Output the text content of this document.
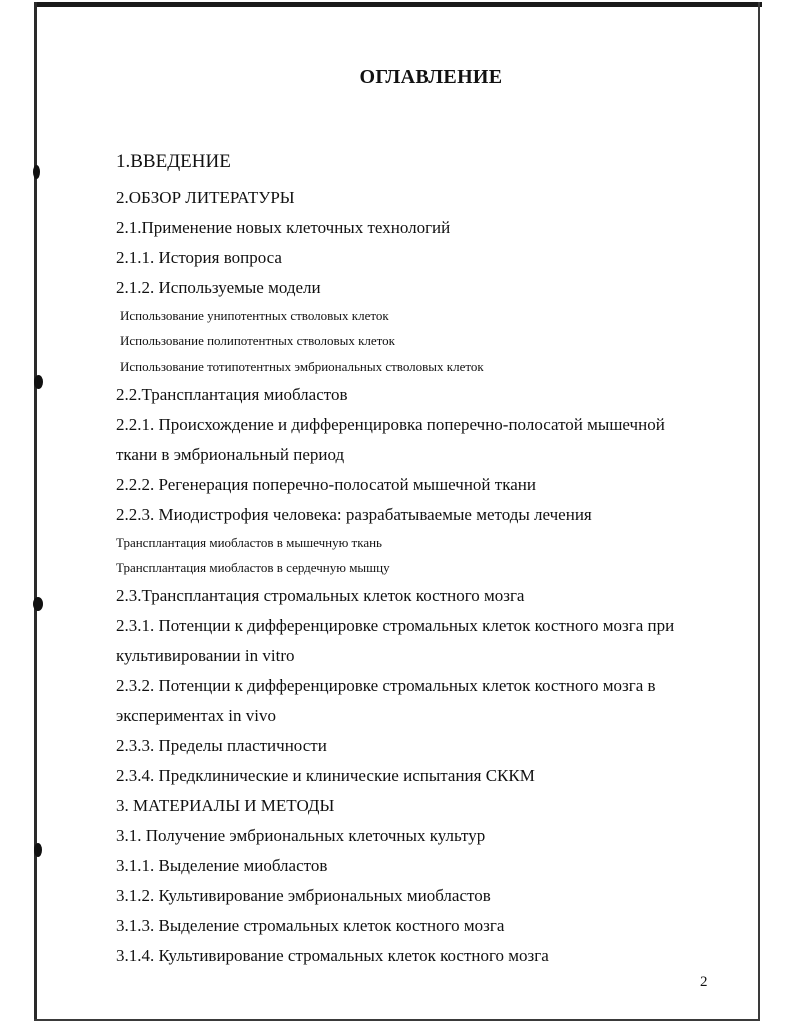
ОГЛАВЛЕНИЕ
1.ВВЕДЕНИЕ
2.ОБЗОР ЛИТЕРАТУРЫ
2.1.Применение новых клеточных технологий
2.1.1. История вопроса
2.1.2. Используемые модели
Использование унипотентных стволовых клеток
Использование полипотентных стволовых клеток
Использование тотипотентных эмбриональных стволовых клеток
2.2.Трансплантация миобластов
2.2.1. Происхождение и дифференцировка поперечно-полосатой мышечной
ткани в эмбриональный период
2.2.2. Регенерация поперечно-полосатой мышечной ткани
2.2.3. Миодистрофия человека: разрабатываемые методы лечения
Трансплантация миобластов в мышечную ткань
Трансплантация миобластов в сердечную мышцу
2.3.Трансплантация стромальных клеток костного мозга
2.3.1. Потенции к дифференцировке стромальных клеток костного мозга при
культивировании in vitro
2.3.2. Потенции к дифференцировке стромальных клеток костного мозга в
экспериментах in vivo
2.3.3. Пределы пластичности
2.3.4. Предклинические и клинические испытания СККМ
3. МАТЕРИАЛЫ И МЕТОДЫ
3.1. Получение эмбриональных клеточных культур
3.1.1. Выделение миобластов
3.1.2. Культивирование эмбриональных миобластов
3.1.3. Выделение стромальных клеток костного мозга
3.1.4. Культивирование стромальных клеток костного мозга
2
